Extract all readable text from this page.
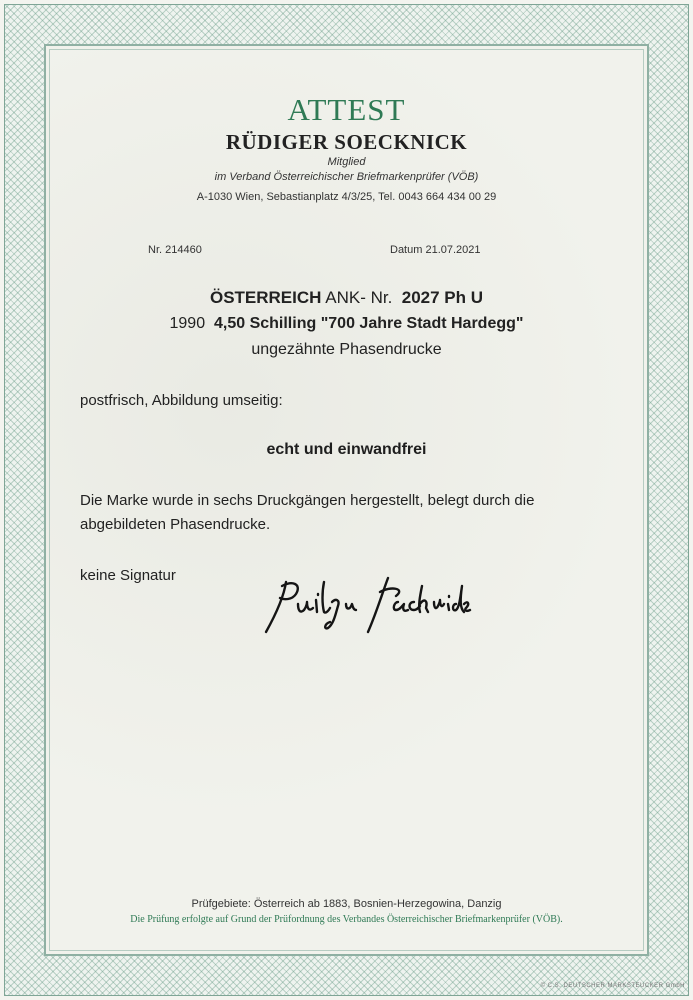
ATTEST
RÜDIGER SOECKNICK
Mitglied
im Verband Österreichischer Briefmarkenprüfer (VÖB)
A-1030 Wien, Sebastianplatz 4/3/25, Tel. 0043 664 434 00 29
Nr. 214460	Datum 21.07.2021
ÖSTERREICH ANK- Nr. 2027 Ph U
1990 4,50 Schilling "700 Jahre Stadt Hardegg"
ungezähnte Phasendrucke
postfrisch, Abbildung umseitig:
echt und einwandfrei
Die Marke wurde in sechs Druckgängen hergestellt, belegt durch die
abgebildeten Phasendrucke.
keine Signatur
Prüfgebiete: Österreich ab 1883, Bosnien-Herzegowina, Danzig
Die Prüfung erfolgte auf Grund der Prüfordnung des Verbandes Österreichischer Briefmarkenprüfer (VÖB).
© C.S. DEUTSCHER MARKSTEUCKER GmbH
